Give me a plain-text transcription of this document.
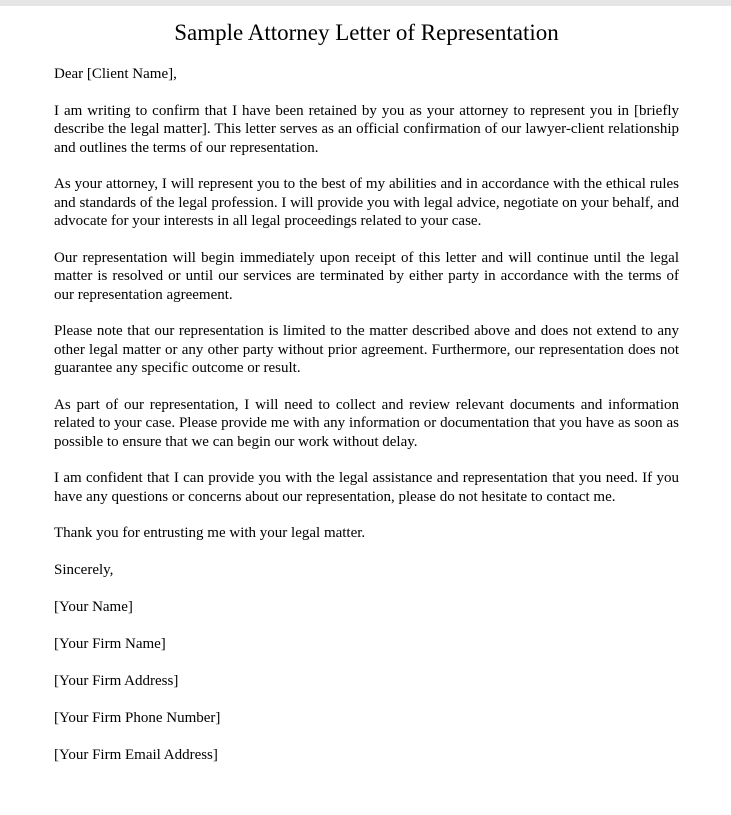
Sample Attorney Letter of Representation

Dear [Client Name],

I am writing to confirm that I have been retained by you as your attorney to represent you in [briefly describe the legal matter]. This letter serves as an official confirmation of our lawyer-client relationship and outlines the terms of our representation.

As your attorney, I will represent you to the best of my abilities and in accordance with the ethical rules and standards of the legal profession. I will provide you with legal advice, negotiate on your behalf, and advocate for your interests in all legal proceedings related to your case.

Our representation will begin immediately upon receipt of this letter and will continue until the legal matter is resolved or until our services are terminated by either party in accordance with the terms of our representation agreement.

Please note that our representation is limited to the matter described above and does not extend to any other legal matter or any other party without prior agreement. Furthermore, our representation does not guarantee any specific outcome or result.

As part of our representation, I will need to collect and review relevant documents and information related to your case. Please provide me with any information or documentation that you have as soon as possible to ensure that we can begin our work without delay.

I am confident that I can provide you with the legal assistance and representation that you need. If you have any questions or concerns about our representation, please do not hesitate to contact me.

Thank you for entrusting me with your legal matter.

Sincerely,

[Your Name]

[Your Firm Name]

[Your Firm Address]

[Your Firm Phone Number]

[Your Firm Email Address]
